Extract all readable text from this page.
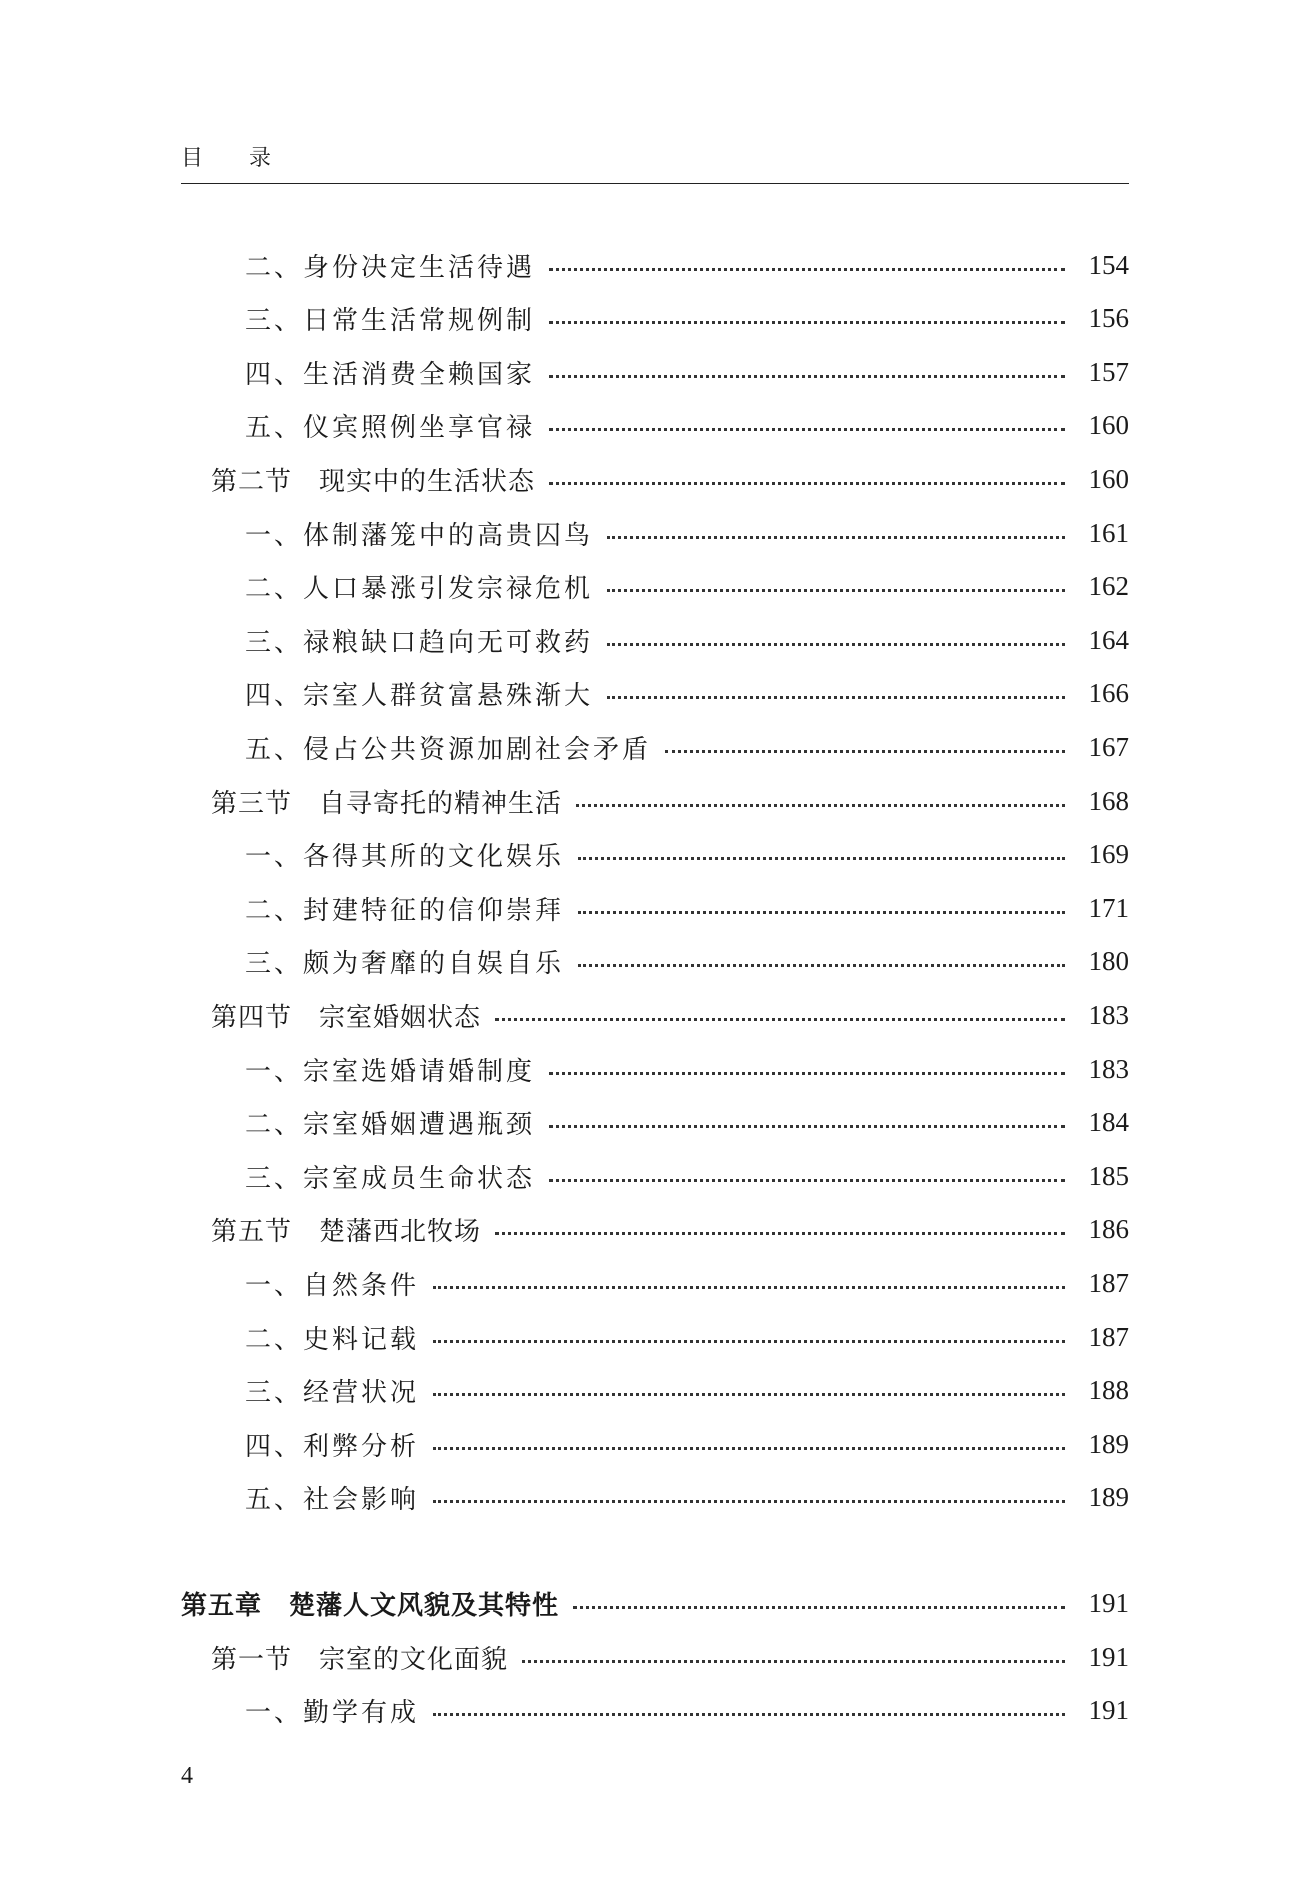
目 录
二、身份决定生活待遇	154
三、日常生活常规例制	156
四、生活消费全赖国家	157
五、仪宾照例坐享官禄	160
第二节　现实中的生活状态	160
一、体制藩笼中的高贵囚鸟	161
二、人口暴涨引发宗禄危机	162
三、禄粮缺口趋向无可救药	164
四、宗室人群贫富悬殊渐大	166
五、侵占公共资源加剧社会矛盾	167
第三节　自寻寄托的精神生活	168
一、各得其所的文化娱乐	169
二、封建特征的信仰崇拜	171
三、颇为奢靡的自娱自乐	180
第四节　宗室婚姻状态	183
一、宗室选婚请婚制度	183
二、宗室婚姻遭遇瓶颈	184
三、宗室成员生命状态	185
第五节　楚藩西北牧场	186
一、自然条件	187
二、史料记载	187
三、经营状况	188
四、利弊分析	189
五、社会影响	189
第五章　楚藩人文风貌及其特性	191
第一节　宗室的文化面貌	191
一、勤学有成	191
4
